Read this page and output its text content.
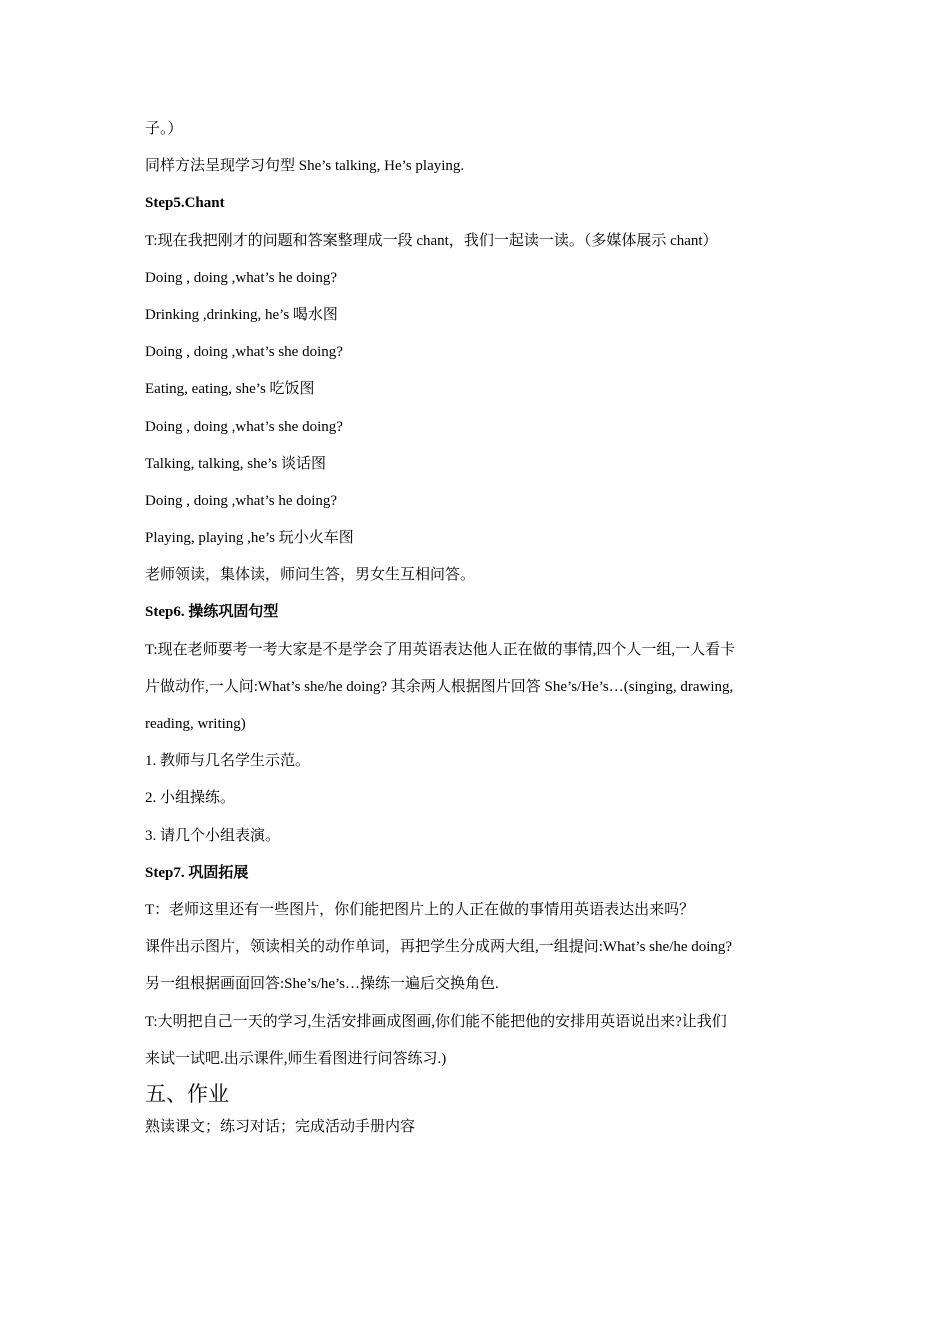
子。）

同样方法呈现学习句型 She’s talking, He’s playing.

Step5.Chant

T:现在我把刚才的问题和答案整理成一段 chant，我们一起读一读。（多媒体展示 chant）

Doing , doing ,what’s he doing?

Drinking ,drinking, he’s 喝水图

Doing , doing ,what’s she doing?

Eating, eating, she’s 吃饭图

Doing , doing ,what’s she doing?

Talking, talking, she’s 谈话图

Doing , doing ,what’s he doing?

Playing, playing ,he’s 玩小火车图

老师领读，集体读，师问生答，男女生互相问答。

Step6. 操练巩固句型

T:现在老师要考一考大家是不是学会了用英语表达他人正在做的事情,四个人一组,一人看卡

片做动作,一人问:What’s she/he doing? 其余两人根据图片回答 She’s/He’s…(singing, drawing,

reading, writing)

1. 教师与几名学生示范。

2. 小组操练。

3. 请几个小组表演。

Step7. 巩固拓展

T：老师这里还有一些图片，你们能把图片上的人正在做的事情用英语表达出来吗？

课件出示图片，领读相关的动作单词，再把学生分成两大组,一组提问:What’s she/he doing?

另一组根据画面回答:She’s/he’s…操练一遍后交换角色.

T:大明把自己一天的学习,生活安排画成图画,你们能不能把他的安排用英语说出来?让我们

来试一试吧.出示课件,师生看图进行问答练习.)

五、作业

熟读课文；练习对话；完成活动手册内容
